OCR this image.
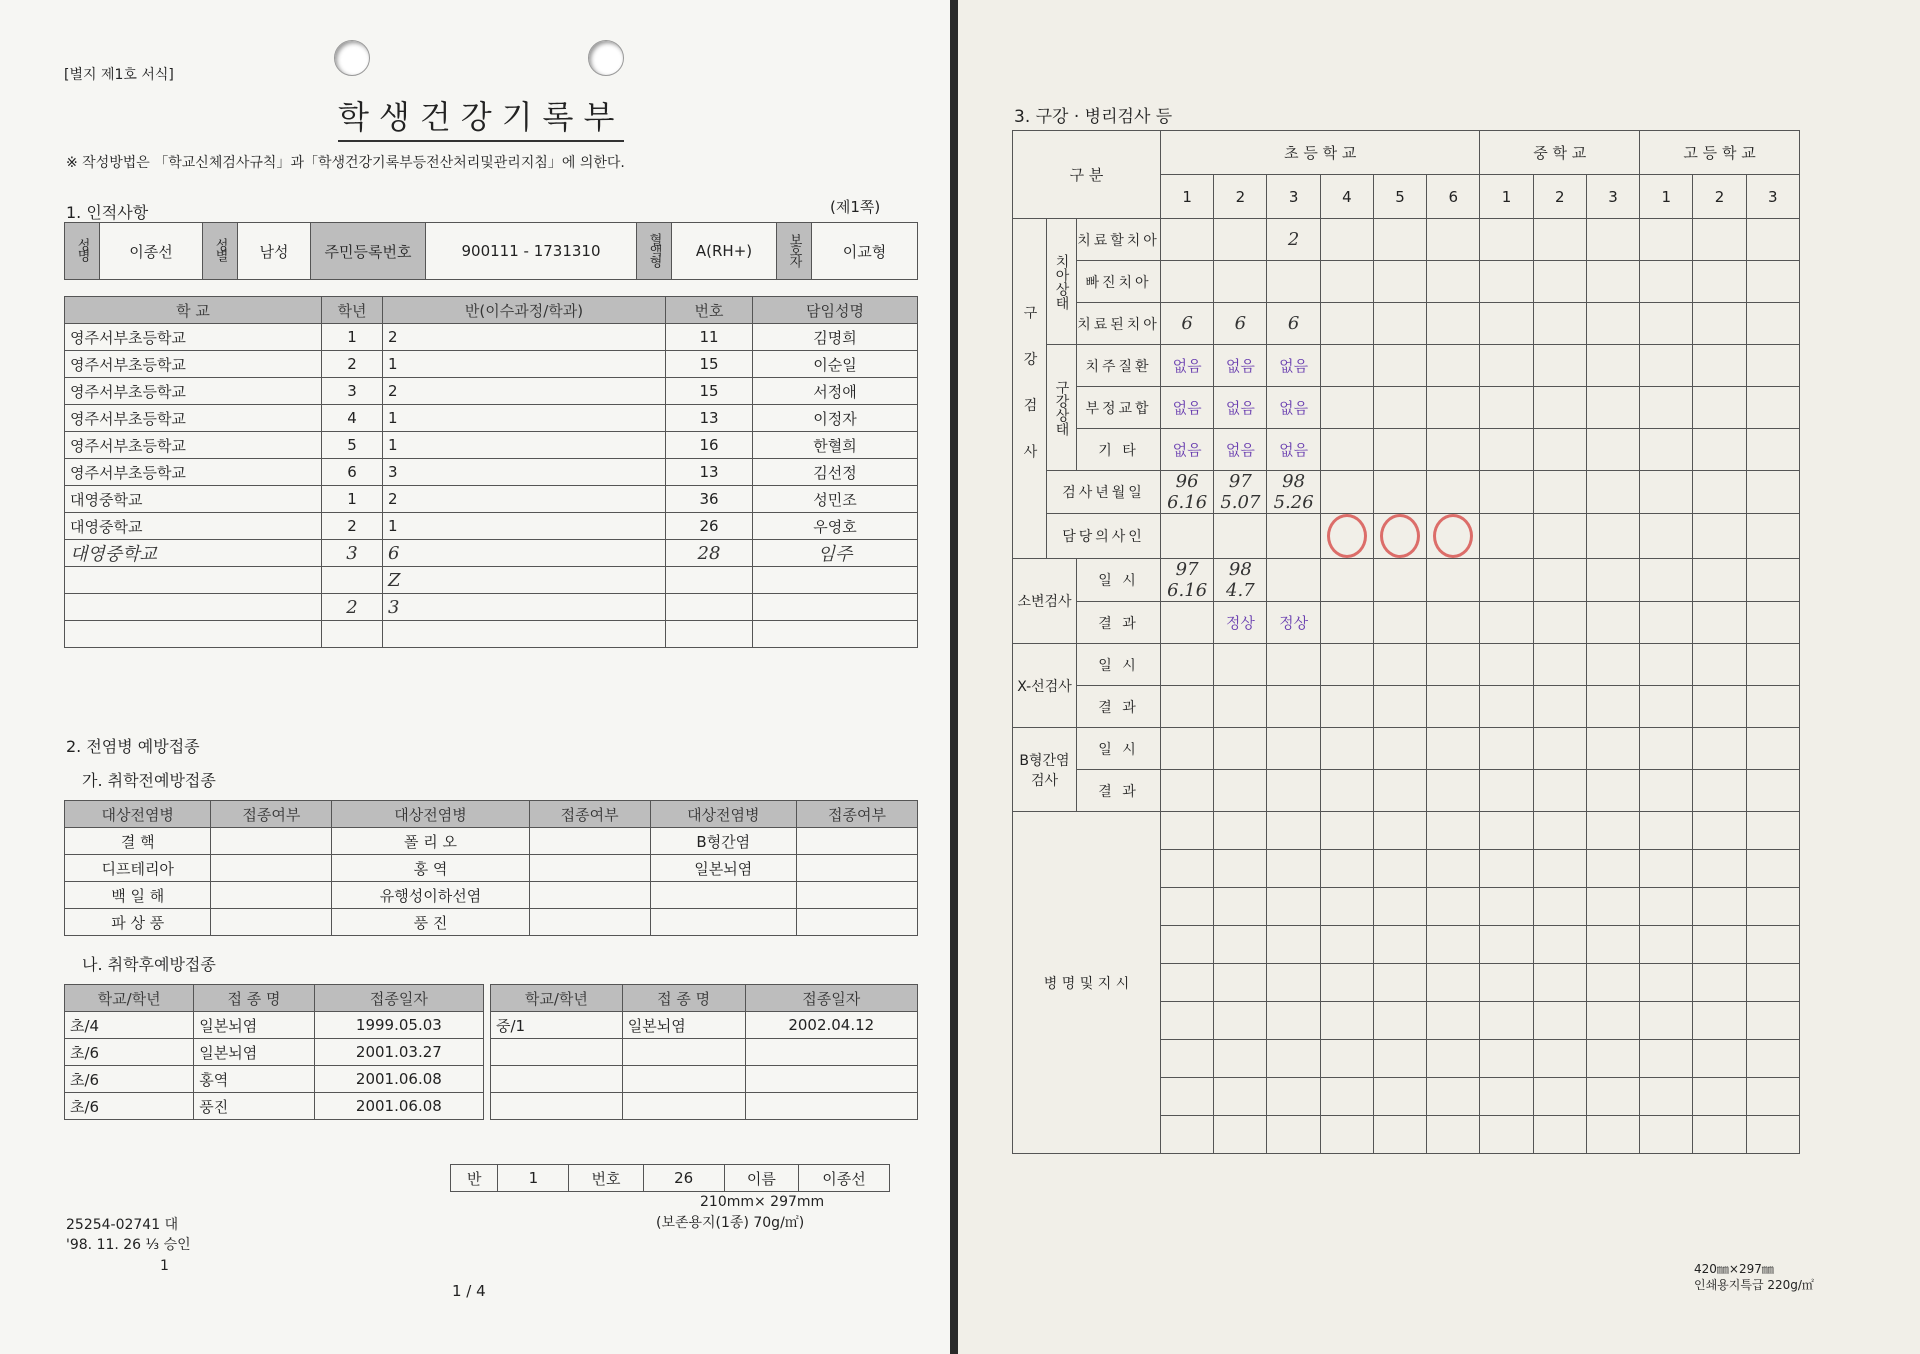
[별지 제1호 서식]
학생건강기록부
※ 작성방법은 「학교신체검사규칙」과「학생건강기록부등전산처리및관리지침」에 의한다.
1. 인적사항	(제1쪽)
성명	이종선	성별	남성	주민등록번호	900111 - 1731310	혈액형	A(RH+)	보호자	이교형
학 교	학년	반(이수과정/학과)	번호	담임성명
영주서부초등학교	1	2	11	김명희
영주서부초등학교	2	1	15	이순일
영주서부초등학교	3	2	15	서정애
영주서부초등학교	4	1	13	이정자
영주서부초등학교	5	1	16	한혈희
영주서부초등학교	6	3	13	김선정
대영중학교	1	2	36	성민조
대영중학교	2	1	26	우영호
대영중학교	3	6	28	임주
		Z		
	2	3		

2. 전염병 예방접종
가. 취학전예방접종
대상전염병	접종여부	대상전염병	접종여부	대상전염병	접종여부
결 핵		폴 리 오		B형간염	
디프테리아		홍 역		일본뇌염	
백 일 해		유행성이하선염			
파 상 풍		풍 진			
나. 취학후예방접종
학교/학년	접 종 명	접종일자
초/4	일본뇌염	1999.05.03
초/6	일본뇌염	2001.03.27
초/6	홍역	2001.06.08
초/6	풍진	2001.06.08
학교/학년	접 종 명	접종일자
중/1	일본뇌염	2002.04.12

반	1	번호	26	이름	이종선
210mm× 297mm
(보존용지(1종) 70g/㎡)
25254-02741 대
'98. 11. 26 ⅓ 승인
1
1 / 4
3. 구강 · 병리검사 등
구 분			초 등 학 교						중 학 교			고 등 학 교		
			1	2	3	4	5	6	1	2	3	1	2	3
구 강 검 사	치아상태	치료할치아			2									
		빠진치아												
		치료된치아	6	6	6									
	구강상태	치주질환	없음	없음	없음									
		부정교합	없음	없음	없음									
		기 타	없음	없음	없음									
	검사년월일		96 6.16	97 5.07	98 5.26									
	담당의사인					

소변검사		일 시	97 6.16	98 4.7										
		결 과		정상	정상									
X-선검사		일 시												
		결 과												
B형간염검사		일 시												
		결 과												
병 명 및 지 시														

420㎜×297㎜
인쇄용지특급 220g/㎡
